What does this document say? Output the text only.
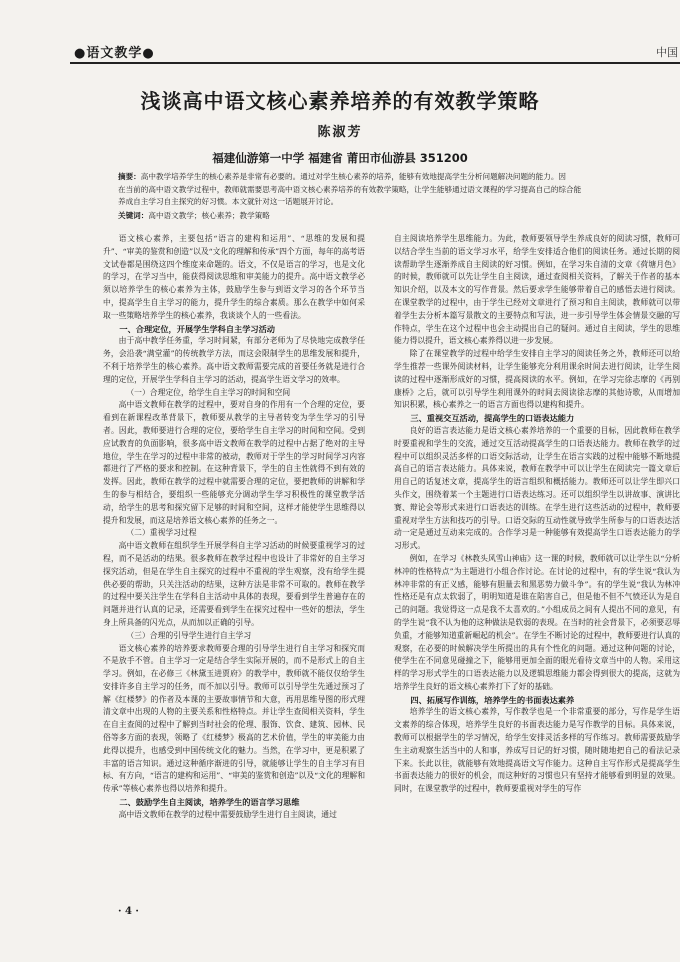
●语文教学●	中国
浅谈高中语文核心素养培养的有效教学策略
陈淑芳
福建仙游第一中学 福建省 莆田市仙游县 351200
摘要：高中教学培养学生的核心素养是非常有必要的。通过对学生核心素养的培养，能够有效地提高学生分析问题解决问题的能力。因
在当前的高中语文教学过程中，教师就需要思考高中语文核心素养培养的有效教学策略，让学生能够通过语文课程的学习提高自己的综合能
养成自主学习自主探究的好习惯。本文就针对这一话题展开讨论。
关键词：高中语文教学；核心素养；教学策略

语文核心素养，主要包括“语言的建构和运用”、“思维的发展和提升”、“审美的鉴赏和创造”以及“文化的理解和传承”四个方面，每年的高考语文试卷都是围绕这四个维度来命题的。语文，不仅是语言的学习，也是文化的学习，在学习当中，能获得阅读思维和审美能力的提升。高中语文教学必须以培养学生的核心素养为主体，鼓励学生参与到语文学习的各个环节当中，提高学生自主学习的能力，提升学生的综合素质。那么在教学中如何采取一些策略培养学生的核心素养，我谈谈个人的一些看法。

一、合理定位，开展学生学科自主学习活动

由于高中教学任务重，学习时间紧，有部分老师为了尽快地完成教学任务，会沿袭“满堂灌”的传统教学方法，而这会限制学生的思维发展和提升，不利于培养学生的核心素养。高中语文教师需要完成的首要任务就是进行合理的定位，开展学生学科自主学习的活动，提高学生语文学习的效率。

（一）合理定位，给学生自主学习的时间和空间

高中语文教师在教学的过程中，要对自身的作用有一个合理的定位，要看到在新课程改革背景下，教师要从教学的主导者转变为学生学习的引导者。因此，教师要进行合理的定位，要给学生自主学习的时间和空间。受到应试教育的负面影响，很多高中语文教师在教学的过程中占据了绝对的主导地位，学生在学习的过程中非常的被动，教师对于学生的学习时间学习内容都进行了严格的要求和控制。在这种背景下，学生的自主性就得不到有效的发挥。因此，教师在教学的过程中就需要合理的定位，要把教师的讲解和学生的参与相结合，要组织一些能够充分调动学生学习积极性的课堂教学活动，给学生的思考和探究留下足够的时间和空间，这样才能使学生思维得以提升和发展，而这是培养语文核心素养的任务之一。

（二）重视学习过程

高中语文教师在组织学生开展学科自主学习活动的时候要重视学习的过程，而不是活动的结果。很多教师在教学过程中也设计了非常好的自主学习探究活动，但是在学生自主探究的过程中不重视的学生观察，没有给学生提供必要的帮助，只关注活动的结果，这种方法是非常不可取的。教师在教学的过程中要关注学生在学科自主活动中具体的表现，要看到学生普遍存在的问题并进行认真的记录，还需要看到学生在探究过程中一些好的想法，学生身上所具备的闪光点，从而加以正确的引导。

（三）合理的引导学生进行自主学习

语文核心素养的培养要求教师要合理的引导学生进行自主学习和探究而不是放手不管。自主学习一定是结合学生实际开展的，而不是形式上的自主学习。例如，在必修三《林黛玉进贾府》的教学中，教师就不能仅仅给学生安排许多自主学习的任务，而不加以引导。教师可以引导学生先通过预习了解《红楼梦》的作者及本课的主要故事情节和大意，再用思维导图的形式理清文章中出现的人物的主要关系和性格特点。并让学生查阅相关资料，学生在自主查阅的过程中了解到当时社会的伦理、服饰、饮食、建筑、园林、民俗等多方面的表现，领略了《红楼梦》极高的艺术价值，学生的审美能力由此得以提升，也感受到中国传统文化的魅力。当然，在学习中，更是积累了丰富的语言知识。通过这种循序渐进的引导，就能够让学生的自主学习有目标、有方向，“语言的建构和运用”、“审美的鉴赏和创造”以及“文化的理解和传承”等核心素养也得以培养和提升。

二、鼓励学生自主阅读，培养学生的语言学习思维

高中语文教师在教学的过程中需要鼓励学生进行自主阅读，通过

自主阅读培养学生思维能力。为此，教师要领导学生养成良好的阅读习惯，教师可以结合学生当前的语文学习水平，给学生安排适合他们的阅读任务。通过长期的阅读帮助学生逐渐养成自主阅读的好习惯。例如，在学习朱自清的文章《荷塘月色》的时候，教师就可以先让学生自主阅读，通过查阅相关资料，了解关于作者的基本知识介绍，以及本文的写作背景。然后要求学生能够带着自己的感悟去进行阅读。在课堂教学的过程中，由于学生已经对文章进行了预习和自主阅读，教师就可以带着学生去分析本篇写景散文的主要特点和写法，进一步引导学生体会情景交融的写作特点，学生在这个过程中也会主动提出自己的疑问。通过自主阅读，学生的思维能力得以提升，语文核心素养得以进一步发展。

除了在课堂教学的过程中给学生安排自主学习的阅读任务之外，教师还可以给学生推荐一些课外阅读材料，让学生能够充分利用课余时间去进行阅读，让学生阅读的过程中逐渐形成好的习惯，提高阅读的水平。例如，在学习完徐志摩的《再别康桥》之后，就可以引导学生利用课外的时间去阅读徐志摩的其他诗歌，从而增加知识积累，核心素养之一的语言方面也得以建构和提升。

三、重视交互活动，提高学生的口语表达能力

良好的语言表达能力是语文核心素养培养的一个重要的目标，因此教师在教学时要重视和学生的交流，通过交互活动提高学生的口语表达能力。教师在教学的过程中可以组织灵活多样的口语交际活动，让学生在语言实践的过程中能够不断地提高自己的语言表达能力。具体来说，教师在教学中可以让学生在阅读完一篇文章后用自己的话复述文章，提高学生的语言组织和概括能力。教师还可以让学生即兴口头作文，围绕着某一个主题进行口语表达练习。还可以组织学生以讲故事、演讲比赛、辩论会等形式来进行口语表达的训练。在学生进行这些活动的过程中，教师要重视对学生方法和技巧的引导。口语交际的互动性就导致学生所参与的口语表达活动一定是通过互动来完成的。合作学习是一种能够有效提高学生口语表达能力的学习形式。

例如，在学习《林教头风雪山神庙》这一课的时候，教师就可以让学生以“分析林冲的性格特点”为主题进行小组合作讨论。在讨论的过程中，有的学生说“我认为林冲非常的有正义感，能够有胆量去和黑恶势力做斗争”。有的学生说“我认为林冲性格还是有点太软弱了，明明知道是谁在陷害自己，但是他不但不气愤还认为是自己的问题。我觉得这一点是我不太喜欢的。”小组成员之间有人提出不同的意见，有的学生说“我不认为他的这种做法是软弱的表现。在当时的社会背景下，必须要忍辱负重，才能够知道重新崛起的机会”。在学生不断讨论的过程中，教师要进行认真的观察，在必要的时候解决学生所提出的具有个性化的问题。通过这种问题的讨论，使学生在不同意见碰撞之下，能够用更加全面的眼光看待文章当中的人物。采用这样的学习形式学生的口语表达能力以及逻辑思维能力都会得到很大的提高，这就为培养学生良好的语文核心素养打下了好的基础。

四、拓展写作训练，培养学生的书面表达素养

培养学生的语文核心素养，写作教学也是一个非常重要的部分，写作是学生语文素养的综合体现，培养学生良好的书面表达能力是写作教学的目标。具体来说，教师可以根据学生的学习情况，给学生安排灵活多样的写作练习。教师需要鼓励学生主动观察生活当中的人和事，养成写日记的好习惯，随时随地把自己的看法记录下来。长此以往，就能够有效地提高语文写作能力。这种自主写作形式是提高学生书面表达能力的很好的机会，而这种好的习惯也只有坚持才能够看到明显的效果。同时，在课堂教学的过程中，教师要重视对学生的写作

· 4 ·
